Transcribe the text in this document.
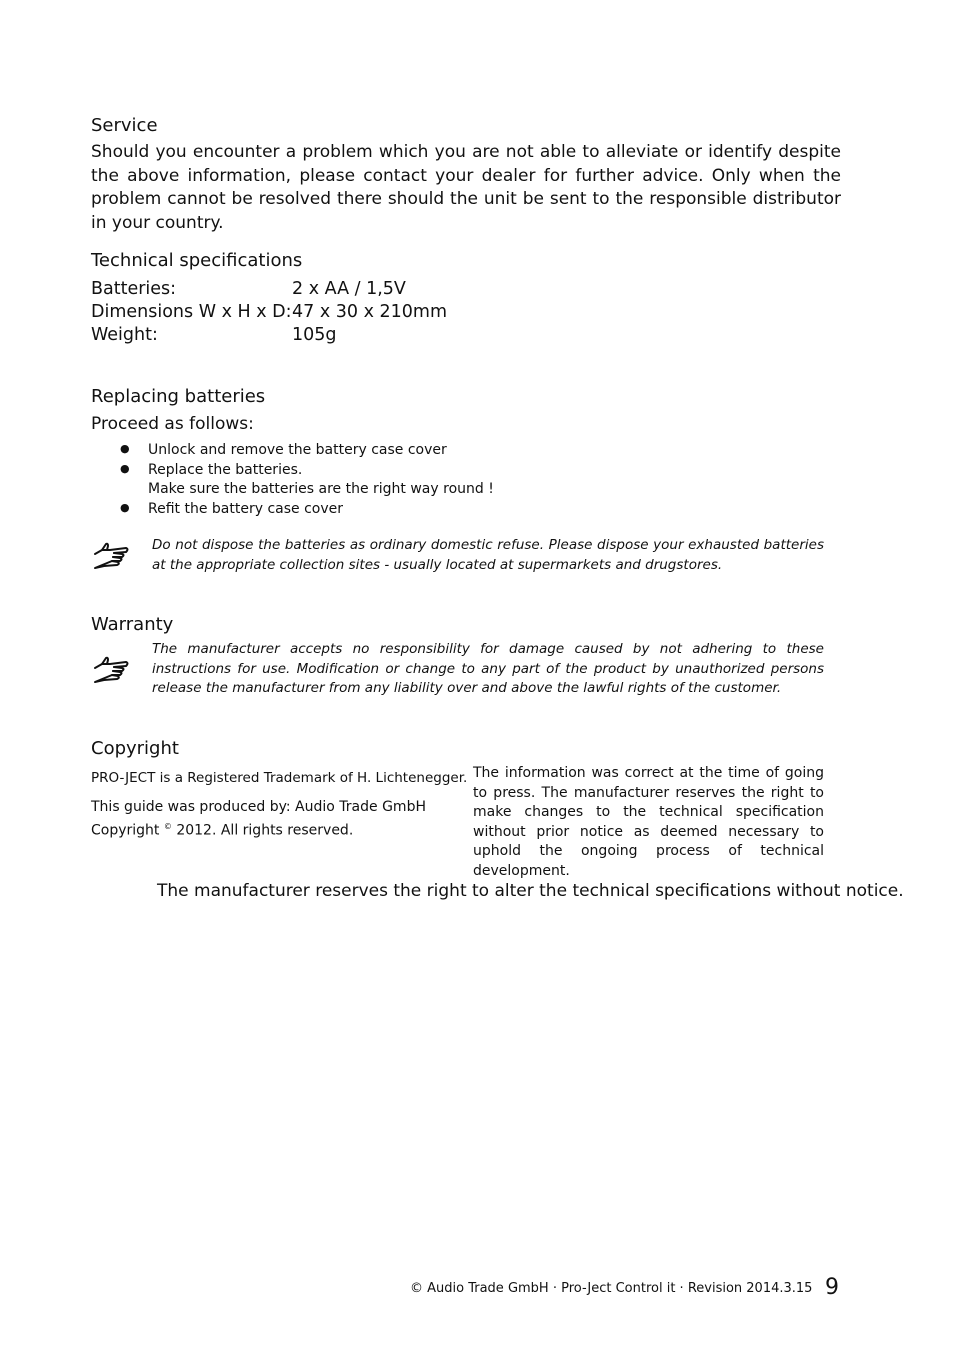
Service
Should you encounter a problem which you are not able to alleviate or identify despite the above information, please contact your dealer for further advice. Only when the problem cannot be resolved there should the unit be sent to the responsible distributor in your country.
Technical specifications
Batteries:	2 x AA / 1,5V
Dimensions W x H x D: 47 x 30 x 210mm
Weight:	105g
Replacing batteries
Proceed as follows:
● Unlock and remove the battery case cover
● Replace the batteries.
Make sure the batteries are the right way round !
● Refit the battery case cover
Do not dispose the batteries as ordinary domestic refuse. Please dispose your exhausted batteries at the appropriate collection sites - usually located at supermarkets and drugstores.
Warranty
The manufacturer accepts no responsibility for damage caused by not adhering to these instructions for use. Modification or change to any part of the product by unauthorized persons release the manufacturer from any liability over and above the lawful rights of the customer.
Copyright
PRO-JECT is a Registered Trademark of H. Lichtenegger.
This guide was produced by: Audio Trade GmbH
Copyright © 2012. All rights reserved.
The information was correct at the time of going to press. The manufacturer reserves the right to make changes to the technical specification without prior notice as deemed necessary to uphold the ongoing process of technical development.
The manufacturer reserves the right to alter the technical specifications without notice.
© Audio Trade GmbH · Pro-Ject Control it · Revision 2014.3.15 9
